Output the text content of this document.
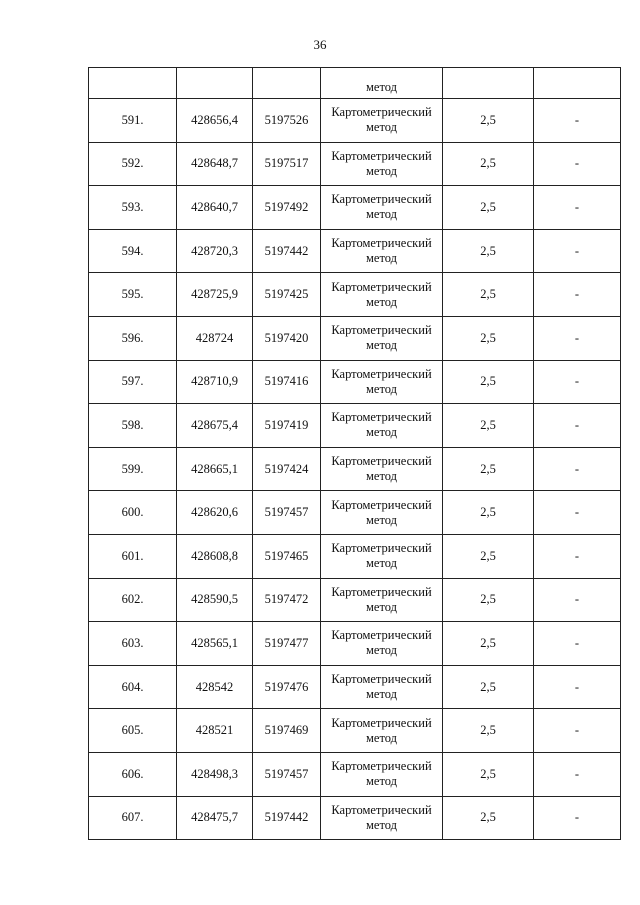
36
			метод		
591.	428656,4	5197526	Картометрический метод	2,5	-
592.	428648,7	5197517	Картометрический метод	2,5	-
593.	428640,7	5197492	Картометрический метод	2,5	-
594.	428720,3	5197442	Картометрический метод	2,5	-
595.	428725,9	5197425	Картометрический метод	2,5	-
596.	428724	5197420	Картометрический метод	2,5	-
597.	428710,9	5197416	Картометрический метод	2,5	-
598.	428675,4	5197419	Картометрический метод	2,5	-
599.	428665,1	5197424	Картометрический метод	2,5	-
600.	428620,6	5197457	Картометрический метод	2,5	-
601.	428608,8	5197465	Картометрический метод	2,5	-
602.	428590,5	5197472	Картометрический метод	2,5	-
603.	428565,1	5197477	Картометрический метод	2,5	-
604.	428542	5197476	Картометрический метод	2,5	-
605.	428521	5197469	Картометрический метод	2,5	-
606.	428498,3	5197457	Картометрический метод	2,5	-
607.	428475,7	5197442	Картометрический метод	2,5	-
